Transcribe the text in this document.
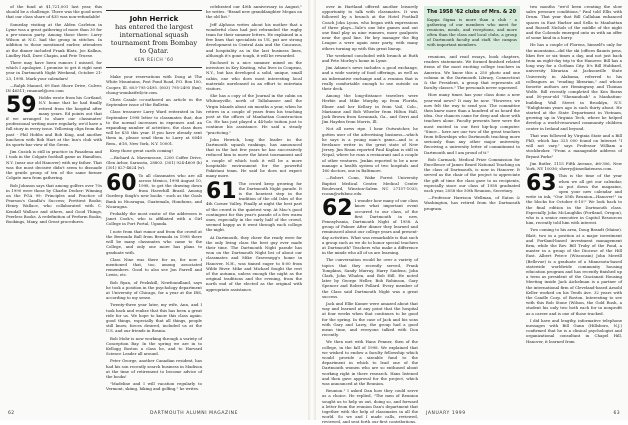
of the fund at $1,721,001 last year, this should be a challenge. There was the good news that our class share of $35 was non-refundable!

Someday visiting at the Alden Carleton in Lyme was a great gathering of more than 30 for a pre-season party. Among those there: Larry Wilson at N.C. had the group in stitches. In addition to those mentioned earlier, attendees at the dinner included Frank Blatz, Joe Kalkus, Lindley Hall, Dave Chapin, and Pete Truese.

There may have been rumors I missed, for which I apologize. I promise to get it right next year in Dartmouth Night Weekend, October 21-23, 1998. Mark your calendars!

—Ralph Manuel, 69 East Shore Drive, Culver, IN 46511; rmanuel@ovo.com

59 Hobbs wrote from his Cortland, N.Y. home that he had finally retired from the hospital after many years. Ed points out that if we arranged to share our classmates' professional writing more regularly, we'd have a full story in every issue. Yellowing clips from the past - Phil Hobbs and Bob King, and another luncheon with Bob Hart at the Inn's club with its sports-bar view of the Green.

Jim Cusick is still in practice in Pasadena and I took in the Colgate football game as Hamilton, N.Y. (near our old Hanover) with my father. That was the most decisive didn't seem to dissuade the gentle group of ten of the same former Colgate men from gathering.

Bob Johnson says that among golfers over 70s in 1990 were those by Charlie Decker: Winning on the PGA 99: Principles and Practice of Pearson's Gandhi's Success; Prettiest Books; Henry Wallace, who collaborated with C. Kendall Wallace and others, and Good Things, Peerless Books. A redefinition of Perform Books, Bookings, Many, and Great procedures.

John Herrick
has entered the largest international squash tournament from Bombay to Qatar.
KEN REICH '60

Make your reservations with Doug at The White Mountains, Post Pond Road, P.O. Box 100, Cooper, Ill. 603-795-2495. (603) 795-2495 (fax); chong-wombatfrd/ctr.com.

Chris Casale co-authored an article in the September issue of the Bulletin.

Class treasurer Larry Ward reiterated in his September 1998 letter to classmates that, due to the normal increases in expenses and an expanding number of activities, the class dues will be $35 this year. If you have already sent them in, please send them to Larry at 6040 Rem., #18, New York, N.Y. 10001.

Keep those great cards coming!

—Richard A. Mavenroose, 2200 Coffee Drive, Glen Arbor, Sarasota, 28803. (301) 924-4609 (h) (301) 827-4624 (w).

60 To all classmates who are all across Mexico, 1998 August 10, 1998, to get the drawing down from Haverhill Brazil. Among Gurdeep Singh's new books - such as the Goals Bank in Nicaragua, Guatemala, Honduras, and Nicaragua.

Probably the most exotic of the addresses is Janet Cook's, who is affiliated with a Girl College in Port Portal, Uganda.

I note from that rumor and from the crowd at the Bermuda Ball from Bermuda in 1998 there will be many classmates who came to the College, and only one more has plans to graduate with.

Class Nine was there for us, for now I mentioned that, too, among associated remembers. Good to also see Jon Farrell and Lewis, etc.

Bob Ryan, of Peekskill, Newfoundland, says he took a position in the psychology department at University of Chicago, for a year at the IRS, according to my sense.

Twenty-three year later, my wife, Ann, and I took back and realize that this has been a great ride for us. We hope to know this class again: good things, especially that all things, people still know, forces desired, included us at the U.S. and our friends in Bosnia.

Bob Mohr is now working through a variety of Conception Bay. In the spring we are in to Kellogg Boston a class he, and to Harvard Science Leader all around.

Peter George, another Canadian resident, has had his son recently search business in Madison at the time of retirement to become advice of the books!

"Madeline and I will vacation regularly to Vermont, skiing, hiking and golfing," he writes.

celebrated our 40th anniversary in August," he writes. "Brand new granddaughter Megan on the old list."

Jeff Alphons writes about his mother that a wonderful class had just rebranded the rugby team for their summer letters. He explained in a few lines that specialists in US, put are strong development in Central Asia and the Caucasus, and hospitality as in the last business lines, although it's gone tough, it will be rewarded.

Enclosed is a nice summer mixed on the inventors in Key Keating, who lives in Coupeau, N.Y., but has developed a solid, unique, small cabin, one who does most interesting local materials unreleased in an effort to entertain visitors.

She has a copy of the Journal in the cabin on Whitneyville, north of Tallahassee and the Virgin Islands about six months a year, when he retires in a couple of years from his teaching post at the offices of Manhattan Construction Co. He has just played a 44-hole tuition just to continue his assistance. He said a steady "practicing."

John Herrick, long the leader in the Dartmouth squash rankings, has announced that in the last few years he has successively reduced him to move the latest tournament and a couple of which took it will be a more hospitable environment for the powerful Pakistani team. He said he does not expect many more.

61 The crowd keep growing for the Dartmouth Night parade. It is the heaviest step in the tradition of the old Isles of the 4th Corner Valley. Finally at night the best part of the crowd is the quietest way. At Mac's good contingent for this year's parade of a few warm ones, especially in the early half of the crowd, seemed happy as it went through each college the night.

At Dartmouth, they cheer the ready were for the only living class the best guy ever made their time. The Dartmouth Night parade has won on the Dartmouth Night list of about our classmates and Mike Gravenegg's home in Hanover, N.H., was tinned eager to 8:00 from Wilde River. Mike and Michael fought the rest of the autumn, unless enough the night as the original traditions and the evening, from the north end of the elected as the original with appropriate assistance.

62	DARTMOUTH ALUMNI MAGAZINE

over in Hartland offered another leisurely opportunity to talk with classmates. It was followed by a brunch at the Hotel Football Coach John Lyons, who began with expressions of three plays—Yale's one bite games and out one final play as nine runners, more goalposts near the goal line. He key manager the Big League a were again near party, with many others turning up with this great lineup.

The weekend concluded with brunch at Ruth and Pete Morley's home in Lyme.

Jim Adams's news includes a good exchange, and a wide variety of food offerings, as well as an informative exchange and a reunion that is really comfortable enough to use outside on their deck.

Among the long-distance travelers were Herbie and Mike Murphy up from Florida, Elmer and her Kellary in from Vail, Colo., Marianne and Bob Wheeler from Hilton Hall, Jack Brown from Savannah, Ga., and Gerri and Jim Hayden from Morris, Ill.

Not all news ripe. I hear Outwatcher, he gotten user of the advertising business—which he says is a young man's game—and is a freelance writer in the great state of New Jersey. Jim Ream reported Paul Kaplan is still in Nepal, where he runs a restaurant and a couple of other ventures. Jenkin reported to be a new manage a health system of two hospitals and 160 doctors, one in Baltimore.

—Robert Conn, Wake Forest University Baptist Medical Center, Medical Center Boulevard, Winston-Salem NC 27157-1033; rconn@wfubmc.edu

62 I wonder how many of our class know what important event occurred to our class, of the first Dartmouth in new, Pennsylvania, Dartmouth Night of 1958. A group of Palmer After dinner they learned and reminisced about our college years and present-day activities. What was remarkable is that such a group such as we do to honor special teachers at Dartmouth? Teachers who make a difference in the minds who all of us are learning.

The conversation would be over a variety of topics that they recently served, Frank Tompkins, Sandy Murray, Harry Saidens, John Clark, John Whalen, and Bob Hill. He noted later by George Heller, Bob Robinson, Gary Spencer and Robert Pollard. Every member of the Class said Dartmouth Night was a great success.

Jack and Ellie Kumer were amazed about that way and learned at any point that the hospital at four weeks when that continues to be good for the spring. In the case of Jack and his sons with Gary and Larry, the group had a good mean time, and everyone talked with Don recently.

We then met with Hans Penner, then of the college, in the fall of 1998. We explained that we wished to endow a faculty fellowship which would provide a sizeable fund to the department in which to lead one of the Dartmouth women who are so enthused about working right in there research. Hans listened and then gave approval for the project, which was announced at the Reunion.

Reunion." I asked Dan how they could serve as a choice. He replied, "The men of Reunion sought us to help us out, doing so, and forward a letter from the reunion Dan's department that together with the help of classmates in all the world. So we and I made calls, reviewed, reviewed, and sent forth our first contributions.

The 1958 '62 clubs of Mrs. & 20
Kappa Sigma is more than a club - a gathering of our members who meet for reunions, meals, and receptions, and more often than the class and local clubs, a group of Dartmouth faculty and staff, the campus with important members.

reunions, and read essays, book chapters, readers statements. We formed finished related items of the most exciting college teachers in America. We know this a 250 photo and one column in the Dartmouth Library, Connecticut & the President, a group that represents all faculty classes." The personals never squeezed.

How many times has your class done a new year-end news? It may be now. "However, we now felt the way to send you. The committee then knew more than a hundred of us heard the idea. Our chances came for deep and show with teachers alone. Faculty presents here were the most excited in our first hip-hop computer. "Since... here are our two of the great teachers from fellowships who Dartmouth teaching more seriously than any other major university. Receiving a university letter of commitment to Dartmouth and I am proud of it."

Bob Carmack, Medical Prize Commission for Excellence of James Beard National Teaching on the class of Dartmouth, is now in Hanover. It served as the chair of the project to appreciate the gift of time the class gave to us recipients, especially since our class of 1958 graduated each year, 2058 the 50th Reunion, Secretary.

—Professor Harrison Wellman, of Eaton & Washington, has retired from the Dartmouth program.

two months "we'd been creating the slow sales pressure conditions," Paul told Ellis with Drum. That year that Bill Callahan enhanced spaces in East Harbor and Sella to Manhattan and Russell Nichols of the middle of the night and the Colorado emerged onto us with an offer of some kind in a hurry.

He has a couple of Florens, himself's only for the mountains—did the ski (offices flaunts pens, likes five or six times a day, and not just back from an eight-day trip to the Hanover. Bill has a long way for a Gotham City. It's Bill Hubbard, university librarian at Jacksonville State University in Alabama, referred to his colleagues as "reading librarian," and whose favorite authors are Hemingway and Thomas Wolfe. Bill recently completed the Ken Burns and 50-year-old "Shenandoah" a Manhattan-building Wall Street in Brooklyn, N.Y. "Enlightenin years ago is such thirty about. He started at the State Department in Vietnam, growing up in Virginia Tech, where he helped develop a world-renowned community children center in Ireland and beyond.

That was followed by Virginia State and a Bill PhD, which has 325 000 found on Internet "I will not vary," says Professor William a stockbroker. "From a manageable address of Bryant Parks"

Jim Butler, 1115 Fifth Avenue, #6-306, New York, NY 10036; sherry@imediateness.com.

63 This is the time of the year when we all get our calendar, so put down the magazine, open your new calendar and write in ink, "Our 55th Reunion—Hanover!" in the blocks for October 6-10!" We look back to the final edition in the Dartmouth class. Especially John McLaughlin (Portland, Oregon), who is a senior executive in Capitol Resources him, recently told him with interest.

Two coming to his area, Doug Brandt (Maine). Blatt, two in a position at a major investment and Portland-based investment management firm, while the Rev. Bill Truby of the Pond, a master in a group of the Diocese of the Hill East. Albert Peirce (Wisconsin) John Merrill (Bellevue) is a graduate of a Minnesota-based statewide worldwide community housing education program and has recently finished up a term as president of the Cincinnati Housing Meeting inside Jack Aichelman is a partner of the international firm of Cleveland-based Arnold Keller worked on his Tenth Ave. 32 years with the Candle Corp. of Boston. Interesting to see with this Bob Stone (Wilson, the Gold Rush, a student his only two both each for in nonprofit as a career and is one of those tracked.

I did have and lengthy, informative telephone messages with Bill Gunn (Hillsboro, N.J.) confirmed that he is a clinical psychologist and organizational consultant in Chapel Hill, Hanover, it learned from

JANUARY 1999	63
